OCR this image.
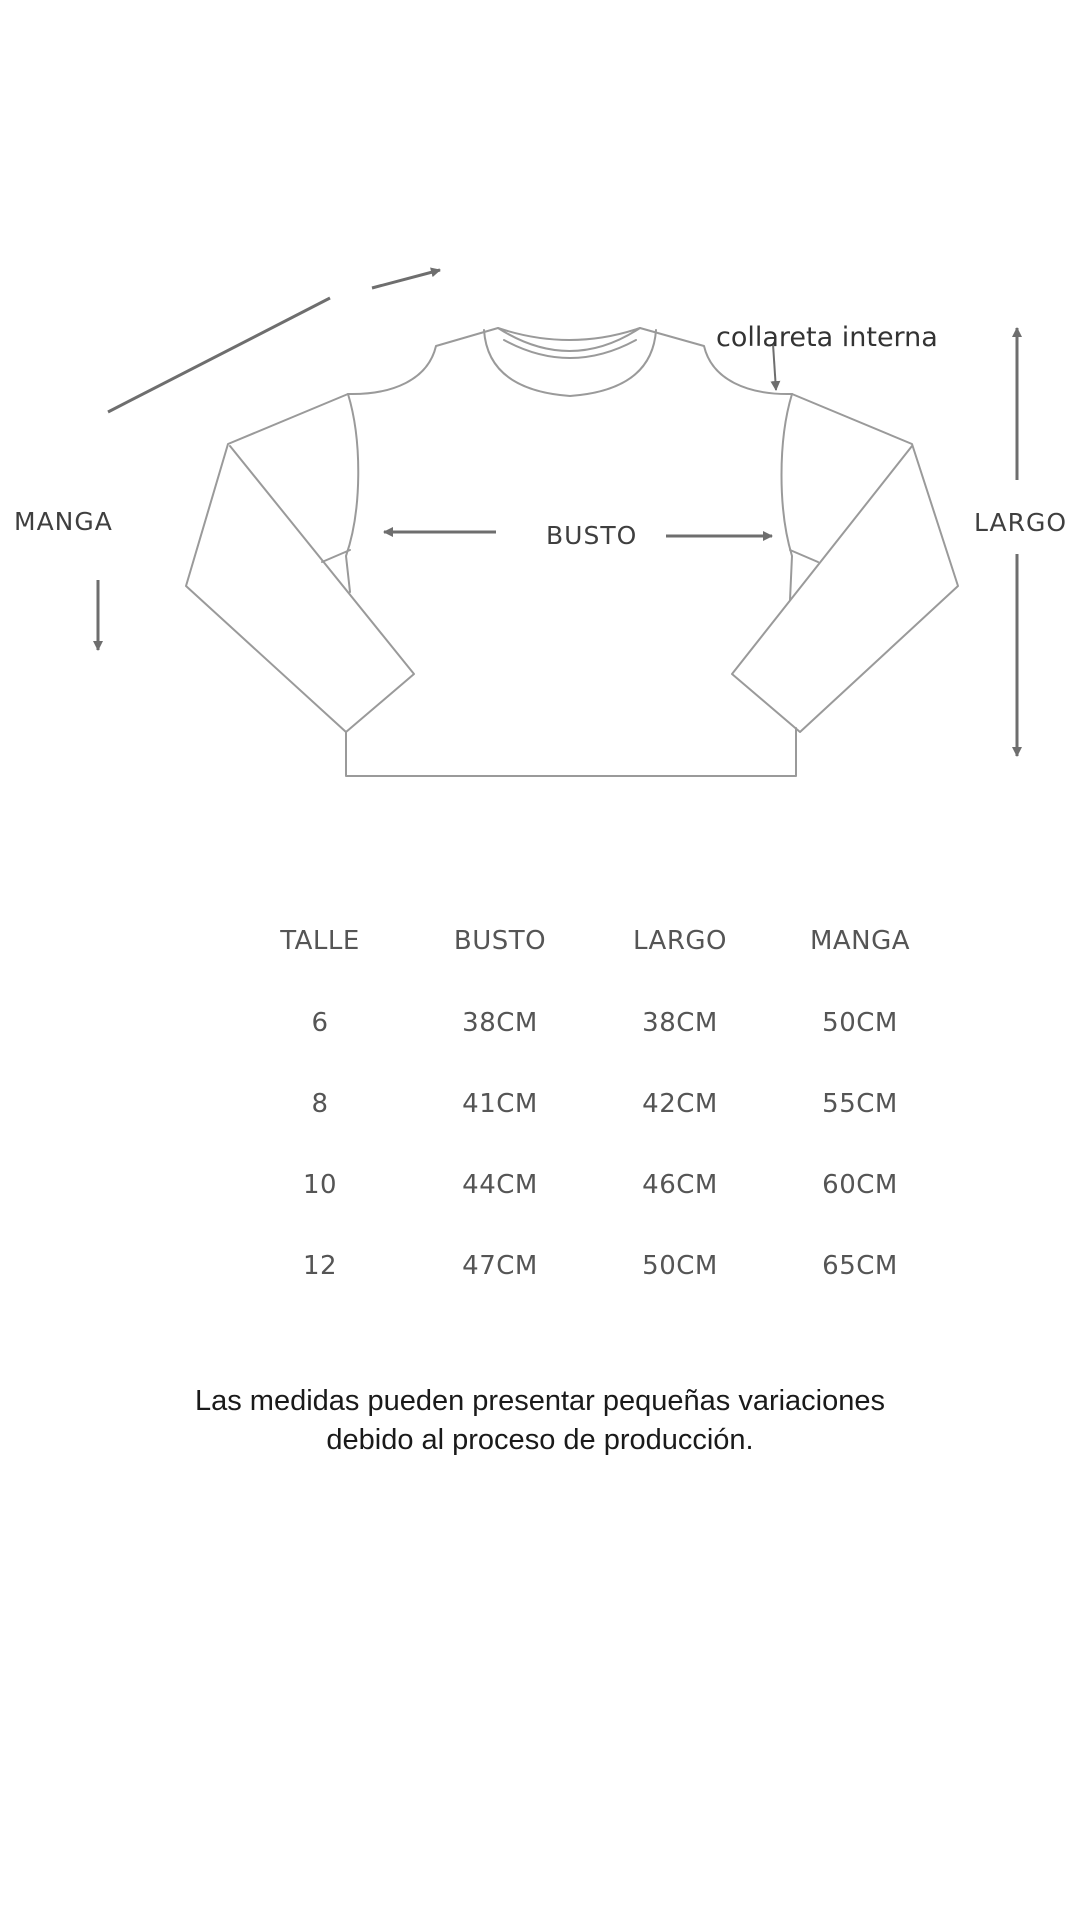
MANGA	BUSTO	LARGO
collareta interna
TALLE	BUSTO	LARGO	MANGA
6	38CM	38CM	50CM
8	41CM	42CM	55CM
10	44CM	46CM	60CM
12	47CM	50CM	65CM
Las medidas pueden presentar pequeñas variaciones
debido al proceso de producción.
